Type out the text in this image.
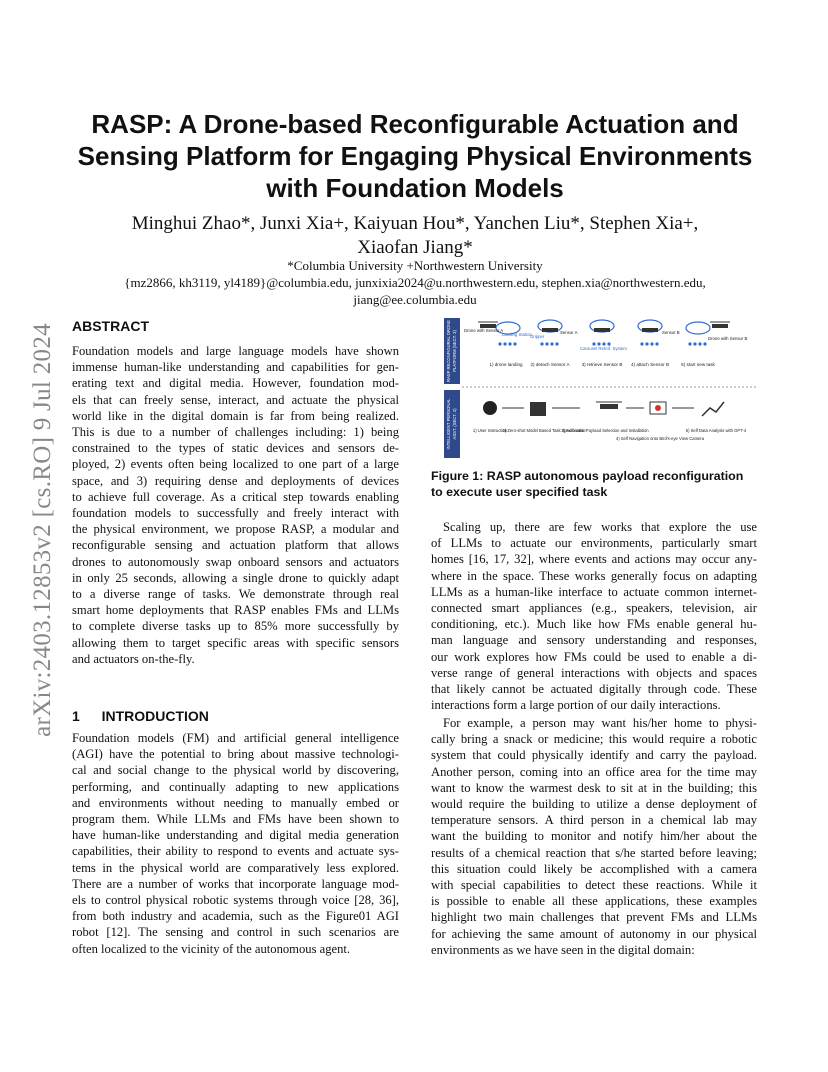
arXiv:2403.12853v2 [cs.RO] 9 Jul 2024
RASP: A Drone-based Reconfigurable Actuation and
Sensing Platform for Engaging Physical Environments
with Foundation Models
Minghui Zhao*, Junxi Xia+, Kaiyuan Hou*, Yanchen Liu*, Stephen Xia+,
Xiaofan Jiang*
*Columbia University +Northwestern University
{mz2866, kh3119, yl4189}@columbia.edu, junxixia2024@u.northwestern.edu, stephen.xia@northwestern.edu,
jiang@ee.columbia.edu
ABSTRACT
Foundation models and large language models have shown
immense human-like understanding and capabilities for gen-
erating text and digital media. However, foundation mod-
els that can freely sense, interact, and actuate the physical
world like in the digital domain is far from being realized.
This is due to a number of challenges including: 1) being
constrained to the types of static devices and sensors de-
ployed, 2) events often being localized to one part of a large
space, and 3) requiring dense and deployments of devices
to achieve full coverage. As a critical step towards enabling
foundation models to successfully and freely interact with
the physical environment, we propose RASP, a modular and
reconfigurable sensing and actuation platform that allows
drones to autonomously swap onboard sensors and actuators
in only 25 seconds, allowing a single drone to quickly adapt
to a diverse range of tasks. We demonstrate through real
smart home deployments that RASP enables FMs and LLMs
to complete diverse tasks up to 85% more successfully by
allowing them to target specific areas with specific sensors
and actuators on-the-fly.
1 INTRODUCTION
Foundation models (FM) and artificial general intelligence
(AGI) have the potential to bring about massive technologi-
cal and social change to the physical world by discovering,
performing, and continually adapting to new applications
and environments without needing to manually embed or
program them. While LLMs and FMs have been shown to
have human-like understanding and digital media generation
capabilities, their ability to respond to events and actuate sys-
tems in the physical world are comparatively less explored.
There are a number of works that incorporate language mod-
els to control physical robotic systems through voice [28, 36],
from both industry and academia, such as the Figure01 AGI
robot [12]. The sensing and control in such scenarios are
often localized to the vicinity of the autonomous agent.
RASP RECONFIGURAL DRONE PLATFORM (SECT. 3)
INTELLIGENT PERSONAL ASST. (SECT. 4)
Drone with Sensor A
Landing Station
Gripper
Sensor A
Carousel Retrof. System
Sensor B
Drone with Sensor B
1) drone landing 2) detach Sensor A	3) retrieve Sensor B 4) attach Sensor B	5) start new task
1) User Instruction
2) Zero-shot Model Based Task Specification
3) Automatic Payload Selection and Installation
4) Self Navigation onto Bird's-eye View Camera
5) Self Data Analysis with GPT-4
Figure 1: RASP autonomous payload reconfiguration
to execute user specified task
Scaling up, there are few works that explore the use
of LLMs to actuate our environments, particularly smart
homes [16, 17, 32], where events and actions may occur any-
where in the space. These works generally focus on adapting
LLMs as a human-like interface to actuate common internet-
connected smart appliances (e.g., speakers, television, air
conditioning, etc.). Much like how FMs enable general hu-
man language and sensory understanding and responses,
our work explores how FMs could be used to enable a di-
verse range of general interactions with objects and spaces
that likely cannot be actuated digitally through code. These
interactions form a large portion of our daily interactions.
For example, a person may want his/her home to physi-
cally bring a snack or medicine; this would require a robotic
system that could physically identify and carry the payload.
Another person, coming into an office area for the time may
want to know the warmest desk to sit at in the building; this
would require the building to utilize a dense deployment of
temperature sensors. A third person in a chemical lab may
want the building to monitor and notify him/her about the
results of a chemical reaction that s/he started before leaving;
this situation could likely be accomplished with a camera
with special capabilities to detect these reactions. While it
is possible to enable all these applications, these examples
highlight two main challenges that prevent FMs and LLMs
for achieving the same amount of autonomy in our physical
environments as we have seen in the digital domain:
